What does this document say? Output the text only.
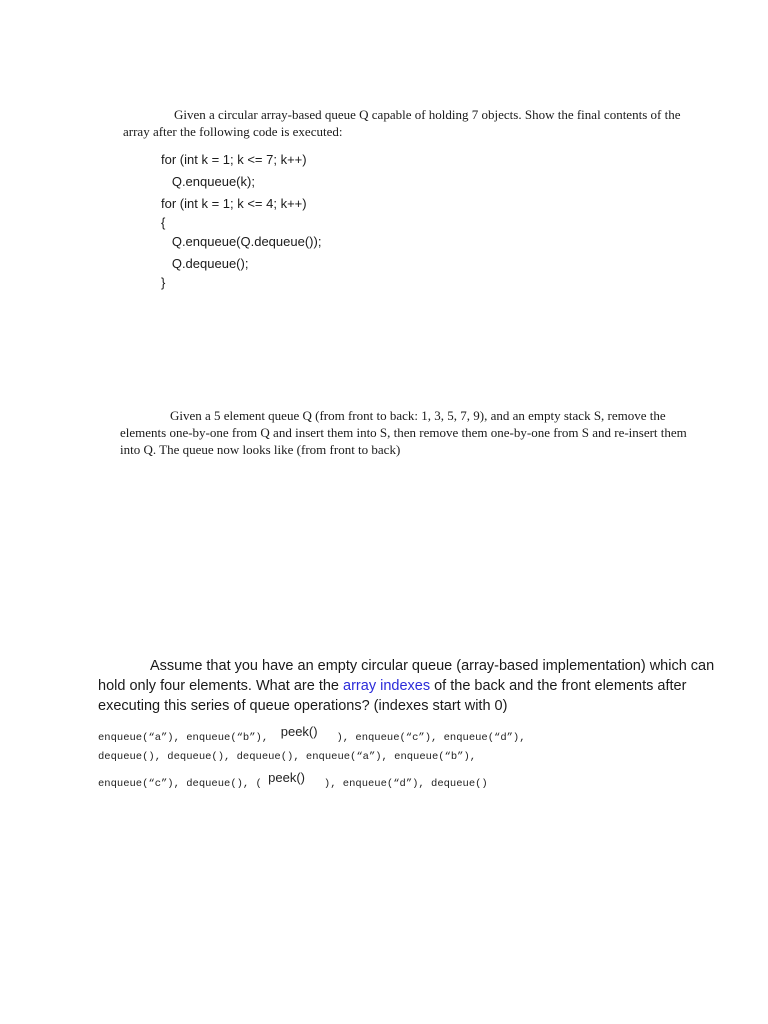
Given a circular array-based queue Q capable of holding 7 objects. Show the final contents of the array after the following code is executed:
for (int k = 1; k <= 7; k++)
Q.enqueue(k);
for (int k = 1; k <= 4; k++)
{
Q.enqueue(Q.dequeue());
Q.dequeue();
}
Given a 5 element queue Q (from front to back: 1, 3, 5, 7, 9), and an empty stack S, remove the elements one-by-one from Q and insert them into S, then remove them one-by-one from S and re-insert them into Q. The queue now looks like (from front to back)
Assume that you have an empty circular queue (array-based implementation) which can hold only four elements. What are the array indexes of the back and the front elements after executing this series of queue operations? (indexes start with 0)
enqueue(“a”), enqueue(“b”),  peek()   ), enqueue(“c”), enqueue(“d”),
dequeue(), dequeue(), dequeue(), enqueue(“a”), enqueue(“b”),
enqueue(“c”), dequeue(), ( peek()   ), enqueue(“d”), dequeue()
